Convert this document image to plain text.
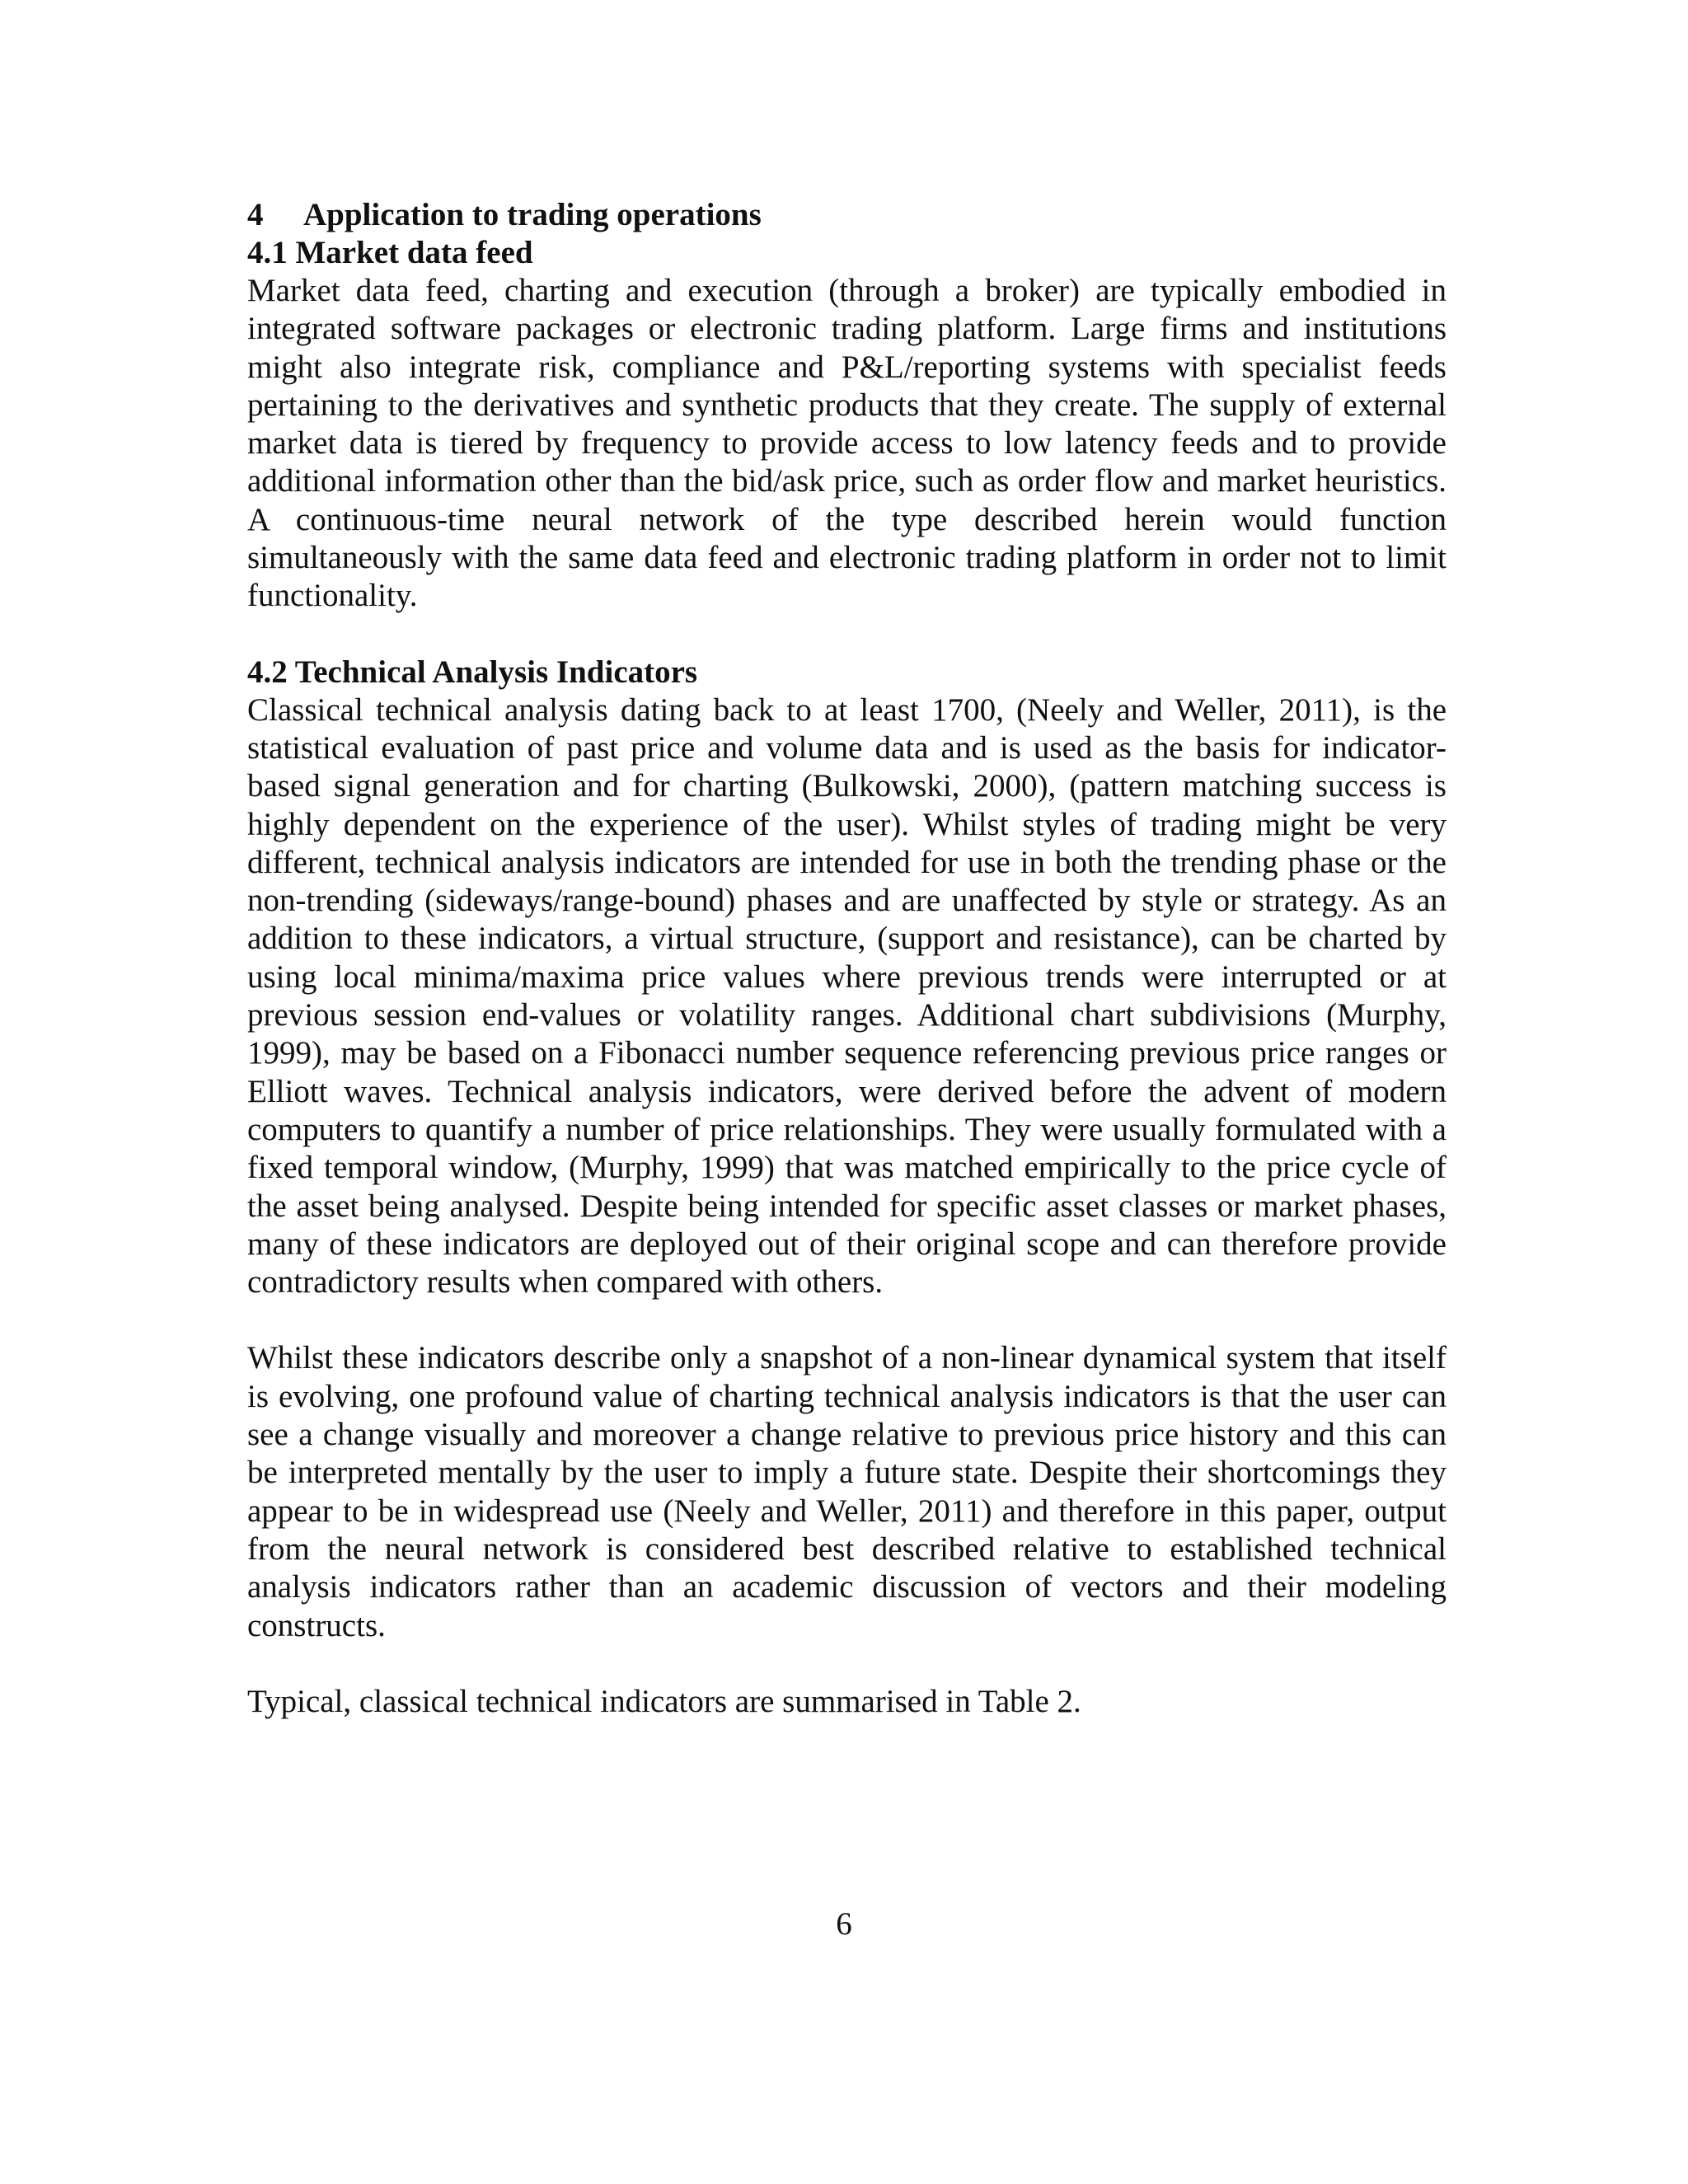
4 Application to trading operations
4.1 Market data feed

Market data feed, charting and execution (through a broker) are typically embodied in integrated software packages or electronic trading platform. Large firms and institutions might also integrate risk, compliance and P&L/reporting systems with specialist feeds pertaining to the derivatives and synthetic products that they create. The supply of external market data is tiered by frequency to provide access to low latency feeds and to provide additional information other than the bid/ask price, such as order flow and market heuristics. A continuous-time neural network of the type described herein would function simultaneously with the same data feed and electronic trading platform in order not to limit functionality.

4.2 Technical Analysis Indicators

Classical technical analysis dating back to at least 1700, (Neely and Weller, 2011), is the statistical evaluation of past price and volume data and is used as the basis for indicator-based signal generation and for charting (Bulkowski, 2000), (pattern matching success is highly dependent on the experience of the user). Whilst styles of trading might be very different, technical analysis indicators are intended for use in both the trending phase or the non-trending (sideways/range-bound) phases and are unaffected by style or strategy. As an addition to these indicators, a virtual structure, (support and resistance), can be charted by using local minima/maxima price values where previous trends were interrupted or at previous session end-values or volatility ranges. Additional chart subdivisions (Murphy, 1999), may be based on a Fibonacci number sequence referencing previous price ranges or Elliott waves. Technical analysis indicators, were derived before the advent of modern computers to quantify a number of price relationships. They were usually formulated with a fixed temporal window, (Murphy, 1999) that was matched empirically to the price cycle of the asset being analysed. Despite being intended for specific asset classes or market phases, many of these indicators are deployed out of their original scope and can therefore provide contradictory results when compared with others.

Whilst these indicators describe only a snapshot of a non-linear dynamical system that itself is evolving, one profound value of charting technical analysis indicators is that the user can see a change visually and moreover a change relative to previous price history and this can be interpreted mentally by the user to imply a future state. Despite their shortcomings they appear to be in widespread use (Neely and Weller, 2011) and therefore in this paper, output from the neural network is considered best described relative to established technical analysis indicators rather than an academic discussion of vectors and their modeling constructs.

Typical, classical technical indicators are summarised in Table 2.

6
